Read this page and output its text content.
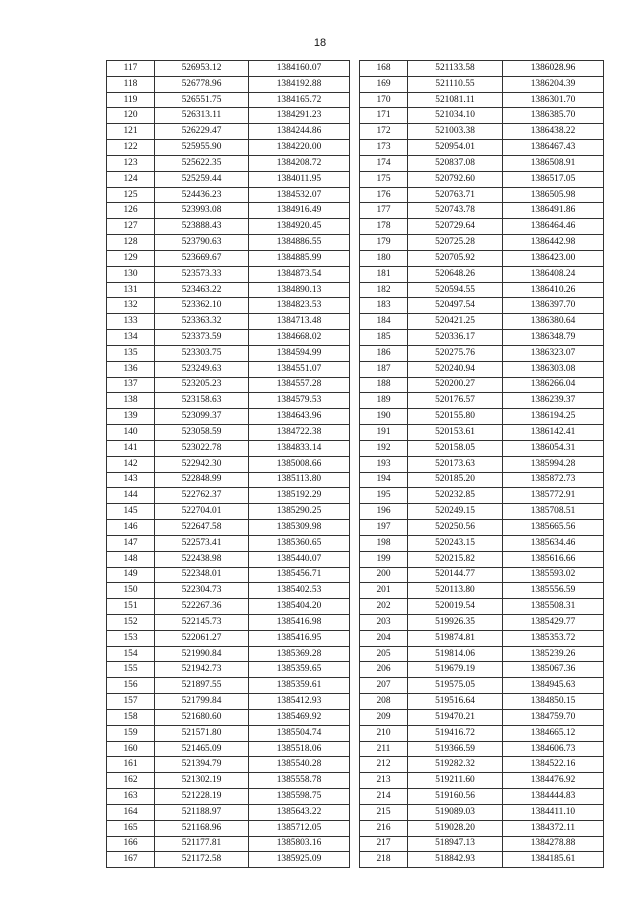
18
117	526953.12	1384160.07
118	526778.96	1384192.88
119	526551.75	1384165.72
120	526313.11	1384291.23
121	526229.47	1384244.86
122	525955.90	1384220.00
123	525622.35	1384208.72
124	525259.44	1384011.95
125	524436.23	1384532.07
126	523993.08	1384916.49
127	523888.43	1384920.45
128	523790.63	1384886.55
129	523669.67	1384885.99
130	523573.33	1384873.54
131	523463.22	1384890.13
132	523362.10	1384823.53
133	523363.32	1384713.48
134	523373.59	1384668.02
135	523303.75	1384594.99
136	523249.63	1384551.07
137	523205.23	1384557.28
138	523158.63	1384579.53
139	523099.37	1384643.96
140	523058.59	1384722.38
141	523022.78	1384833.14
142	522942.30	1385008.66
143	522848.99	1385113.80
144	522762.37	1385192.29
145	522704.01	1385290.25
146	522647.58	1385309.98
147	522573.41	1385360.65
148	522438.98	1385440.07
149	522348.01	1385456.71
150	522304.73	1385402.53
151	522267.36	1385404.20
152	522145.73	1385416.98
153	522061.27	1385416.95
154	521990.84	1385369.28
155	521942.73	1385359.65
156	521897.55	1385359.61
157	521799.84	1385412.93
158	521680.60	1385469.92
159	521571.80	1385504.74
160	521465.09	1385518.06
161	521394.79	1385540.28
162	521302.19	1385558.78
163	521228.19	1385598.75
164	521188.97	1385643.22
165	521168.96	1385712.05
166	521177.81	1385803.16
167	521172.58	1385925.09
168	521133.58	1386028.96
169	521110.55	1386204.39
170	521081.11	1386301.70
171	521034.10	1386385.70
172	521003.38	1386438.22
173	520954.01	1386467.43
174	520837.08	1386508.91
175	520792.60	1386517.05
176	520763.71	1386505.98
177	520743.78	1386491.86
178	520729.64	1386464.46
179	520725.28	1386442.98
180	520705.92	1386423.00
181	520648.26	1386408.24
182	520594.55	1386410.26
183	520497.54	1386397.70
184	520421.25	1386380.64
185	520336.17	1386348.79
186	520275.76	1386323.07
187	520240.94	1386303.08
188	520200.27	1386266.04
189	520176.57	1386239.37
190	520155.80	1386194.25
191	520153.61	1386142.41
192	520158.05	1386054.31
193	520173.63	1385994.28
194	520185.20	1385872.73
195	520232.85	1385772.91
196	520249.15	1385708.51
197	520250.56	1385665.56
198	520243.15	1385634.46
199	520215.82	1385616.66
200	520144.77	1385593.02
201	520113.80	1385556.59
202	520019.54	1385508.31
203	519926.35	1385429.77
204	519874.81	1385353.72
205	519814.06	1385239.26
206	519679.19	1385067.36
207	519575.05	1384945.63
208	519516.64	1384850.15
209	519470.21	1384759.70
210	519416.72	1384665.12
211	519366.59	1384606.73
212	519282.32	1384522.16
213	519211.60	1384476.92
214	519160.56	1384444.83
215	519089.03	1384411.10
216	519028.20	1384372.11
217	518947.13	1384278.88
218	518842.93	1384185.61
